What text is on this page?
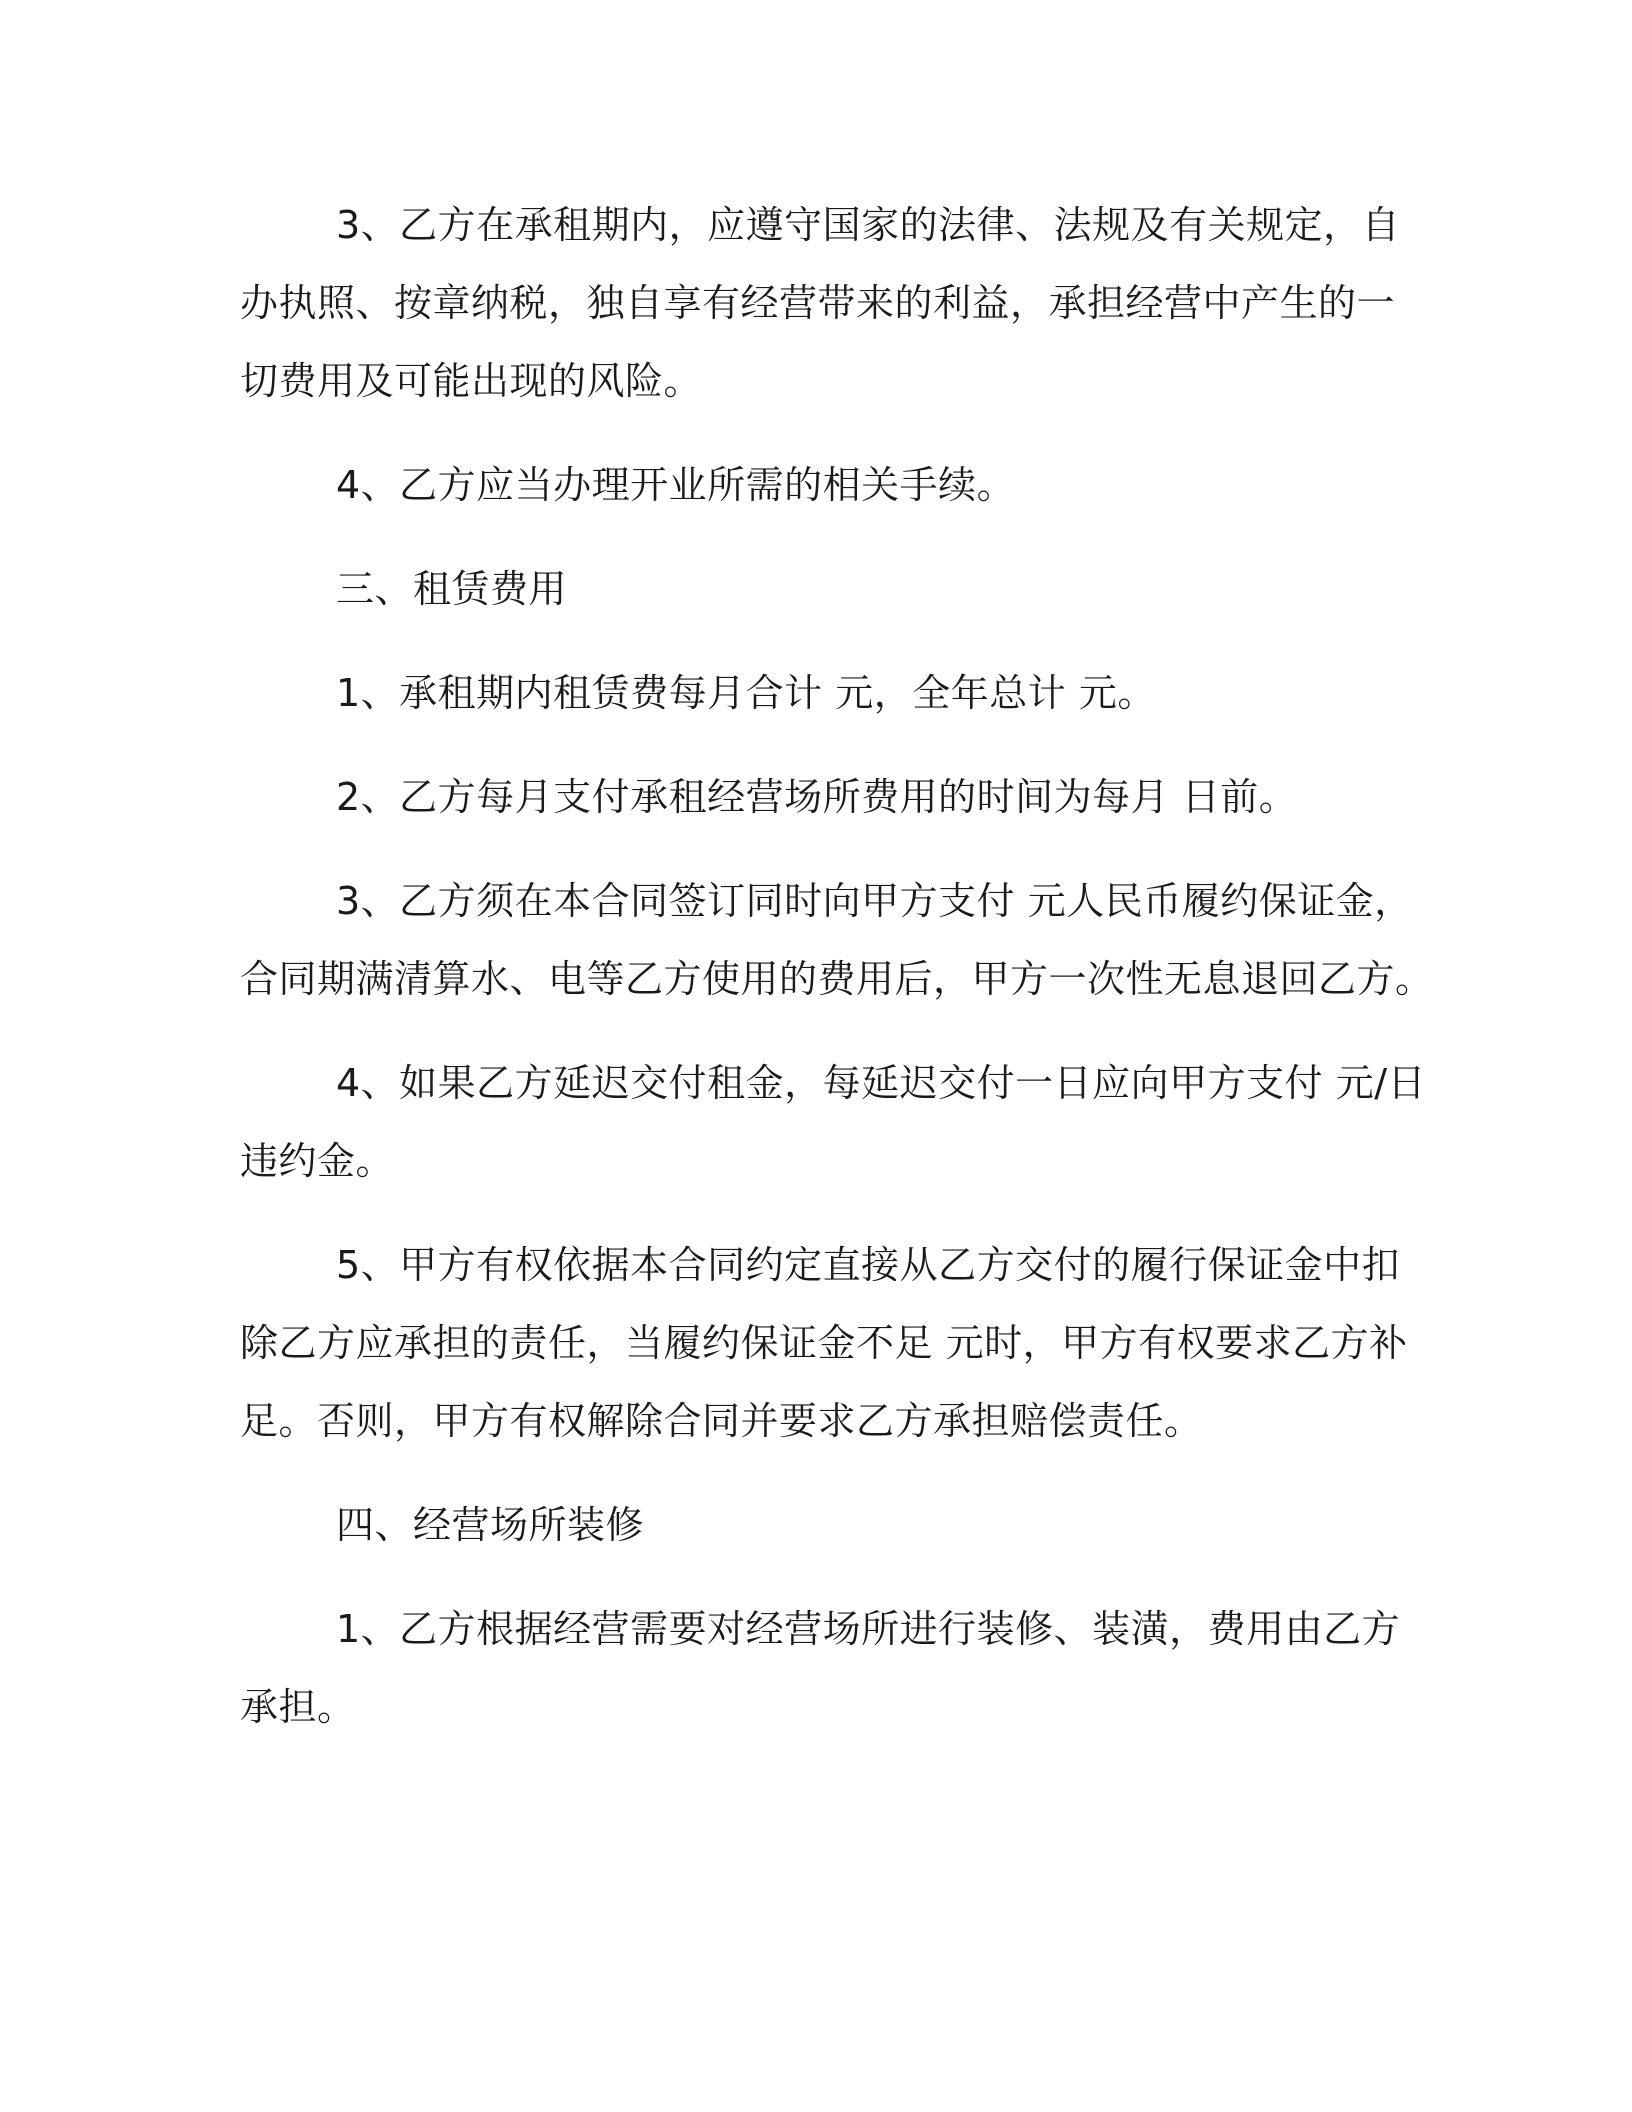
3、乙方在承租期内，应遵守国家的法律、法规及有关规定，自
办执照、按章纳税，独自享有经营带来的利益，承担经营中产生的一
切费用及可能出现的风险。
4、乙方应当办理开业所需的相关手续。
三、租赁费用
1、承租期内租赁费每月合计 元，全年总计 元。
2、乙方每月支付承租经营场所费用的时间为每月 日前。
3、乙方须在本合同签订同时向甲方支付 元人民币履约保证金，
合同期满清算水、电等乙方使用的费用后，甲方一次性无息退回乙方。
4、如果乙方延迟交付租金，每延迟交付一日应向甲方支付 元/日
违约金。
5、甲方有权依据本合同约定直接从乙方交付的履行保证金中扣
除乙方应承担的责任，当履约保证金不足 元时，甲方有权要求乙方补
足。否则，甲方有权解除合同并要求乙方承担赔偿责任。
四、经营场所装修
1、乙方根据经营需要对经营场所进行装修、装潢，费用由乙方
承担。
